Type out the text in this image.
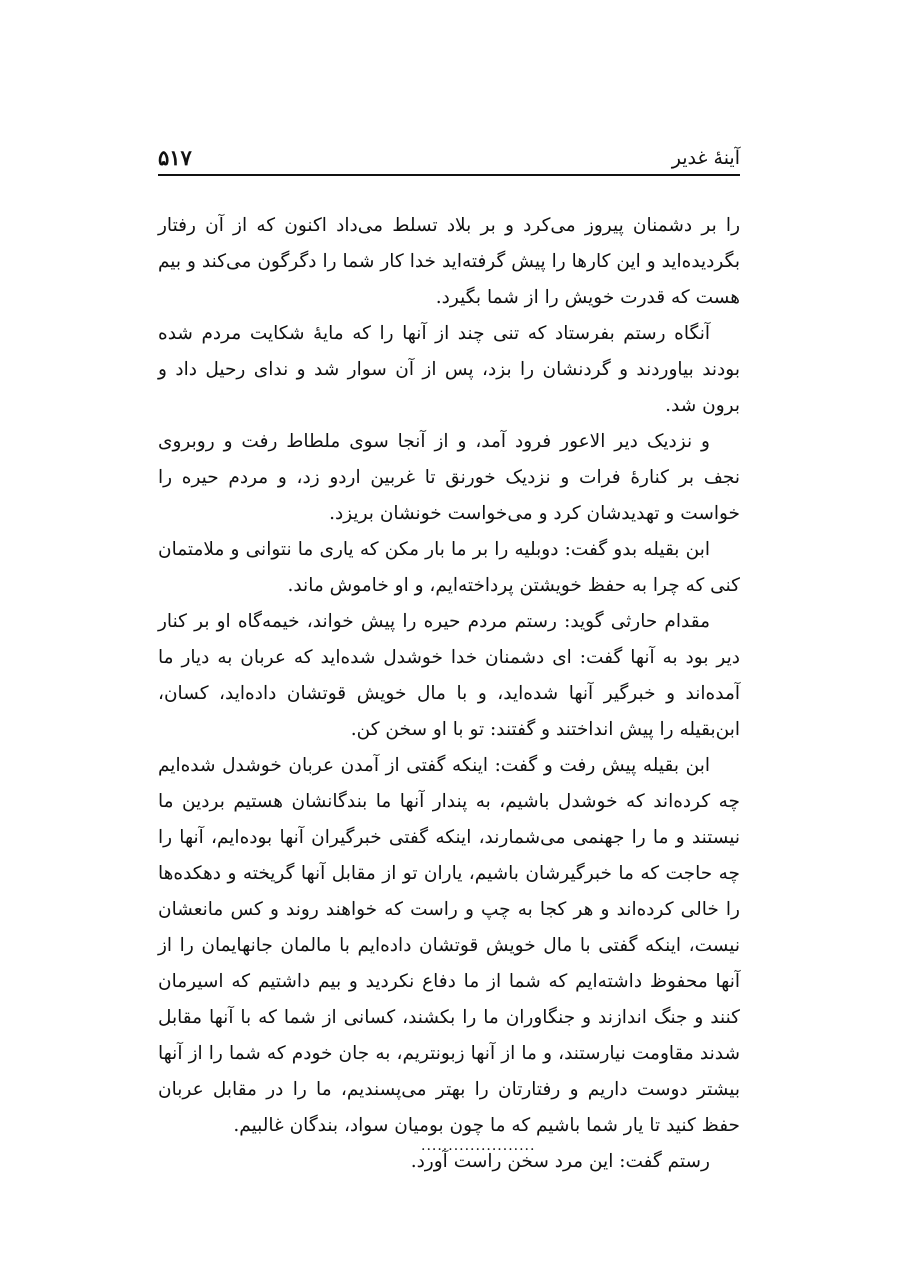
آینهٔ غدیر
۵۱۷

را بر دشمنان پیروز می‌کرد و بر بلاد تسلط می‌داد اکنون که از آن رفتار بگردیده‌اید و این کارها را پیش گرفته‌اید خدا کار شما را دگرگون می‌کند و بیم هست که قدرت خویش را از شما بگیرد.

آنگاه رستم بفرستاد که تنی چند از آنها را که مایهٔ شکایت مردم شده بودند بیاوردند و گردنشان را بزد، پس از آن سوار شد و ندای رحیل داد و برون شد.

و نزدیک دیر الاعور فرود آمد، و از آنجا سوی ملطاط رفت و روبروی نجف بر کنارهٔ فرات و نزدیک خورنق تا غربین اردو زد، و مردم حیره را خواست و تهدیدشان کرد و می‌خواست خونشان بریزد.

ابن بقیله بدو گفت: دوبلیه را بر ما بار مکن که یاری ما نتوانی و ملامتمان کنی که چرا به حفظ خویشتن پرداخته‌ایم، و او خاموش ماند.

مقدام حارثی گوید: رستم مردم حیره را پیش خواند، خیمه‌گاه او بر کنار دیر بود به آنها گفت: ای دشمنان خدا خوشدل شده‌اید که عربان به دیار ما آمده‌اند و خبرگیر آنها شده‌اید، و با مال خویش قوتشان داده‌اید، کسان، ابن‌بقیله را پیش انداختند و گفتند: تو با او سخن کن.

ابن بقیله پیش رفت و گفت: اینکه گفتی از آمدن عربان خوشدل شده‌ایم چه کرده‌اند که خوشدل باشیم، به پندار آنها ما بندگانشان هستیم بردین ما نیستند و ما را جهنمی می‌شمارند، اینکه گفتی خبرگیران آنها بوده‌ایم، آنها را چه حاجت که ما خبرگیرشان باشیم، یاران تو از مقابل آنها گریخته و دهکده‌ها را خالی کرده‌اند و هر کجا به چپ و راست که خواهند روند و کس مانعشان نیست، اینکه گفتی با مال خویش قوتشان داده‌ایم با مالمان جانهایمان را از آنها محفوظ داشته‌ایم که شما از ما دفاع نکردید و بیم داشتیم که اسیرمان کنند و جنگ اندازند و جنگاوران ما را بکشند، کسانی از شما که با آنها مقابل شدند مقاومت نیارستند، و ما از آنها زبونتریم، به جان خودم که شما را از آنها بیشتر دوست داریم و رفتارتان را بهتر می‌پسندیم، ما را در مقابل عربان حفظ کنید تا یار شما باشیم که ما چون بومیان سواد، بندگان غالبیم.

رستم گفت: این مرد سخن راست آورد.

.....................
